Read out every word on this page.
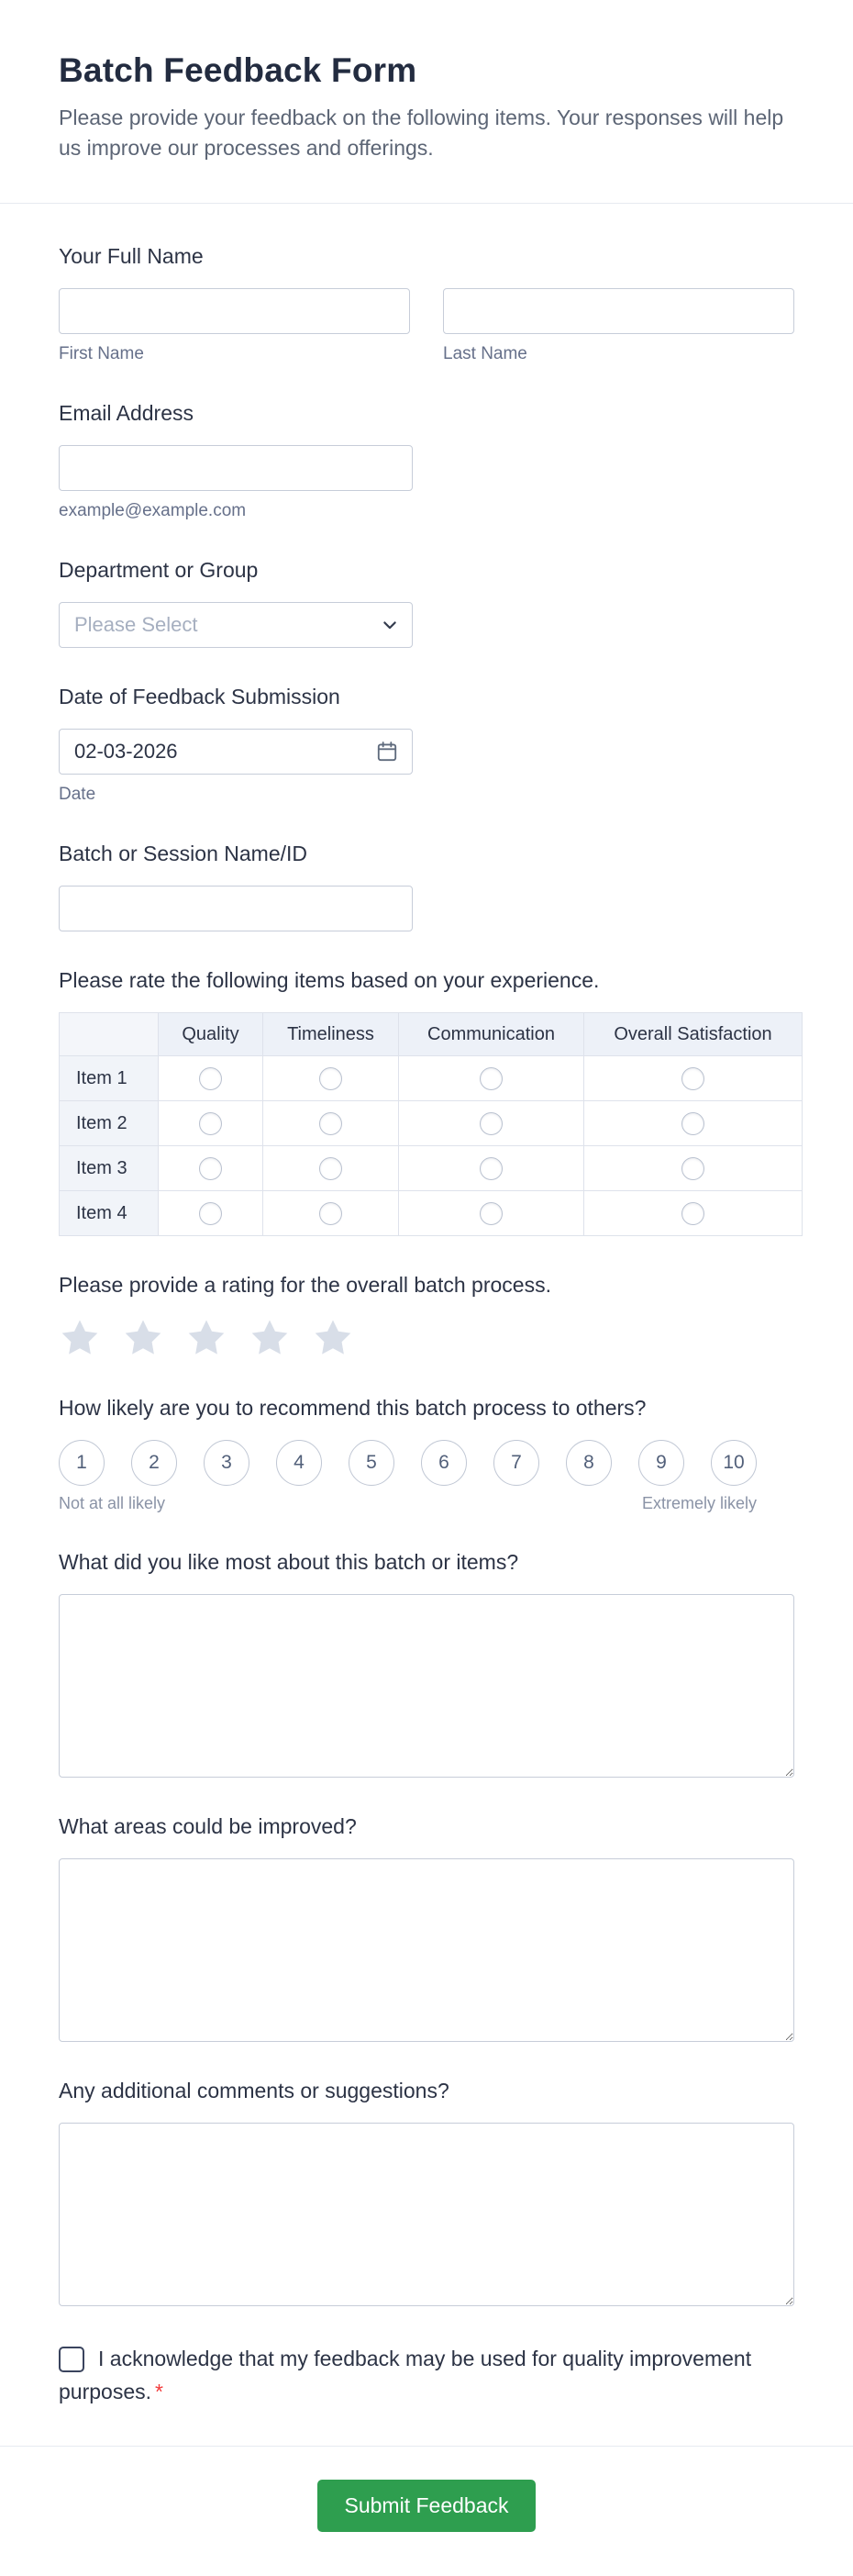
Batch Feedback Form

Please provide your feedback on the following items. Your responses will help us improve our processes and offerings.

Your Full Name
First Name	Last Name
Email Address
example@example.com
Department or Group
Please Select
Date of Feedback Submission
02-03-2026
Date
Batch or Session Name/ID
Please rate the following items based on your experience.
	Quality	Timeliness	Communication	Overall Satisfaction
Item 1				
Item 2				
Item 3				
Item 4				
Please provide a rating for the overall batch process.
How likely are you to recommend this batch process to others?
1	2	3	4	5	6	7	8	9	10
Not at all likely	Extremely likely
What did you like most about this batch or items?
What areas could be improved?
Any additional comments or suggestions?
I acknowledge that my feedback may be used for quality improvement purposes. *
Submit Feedback
